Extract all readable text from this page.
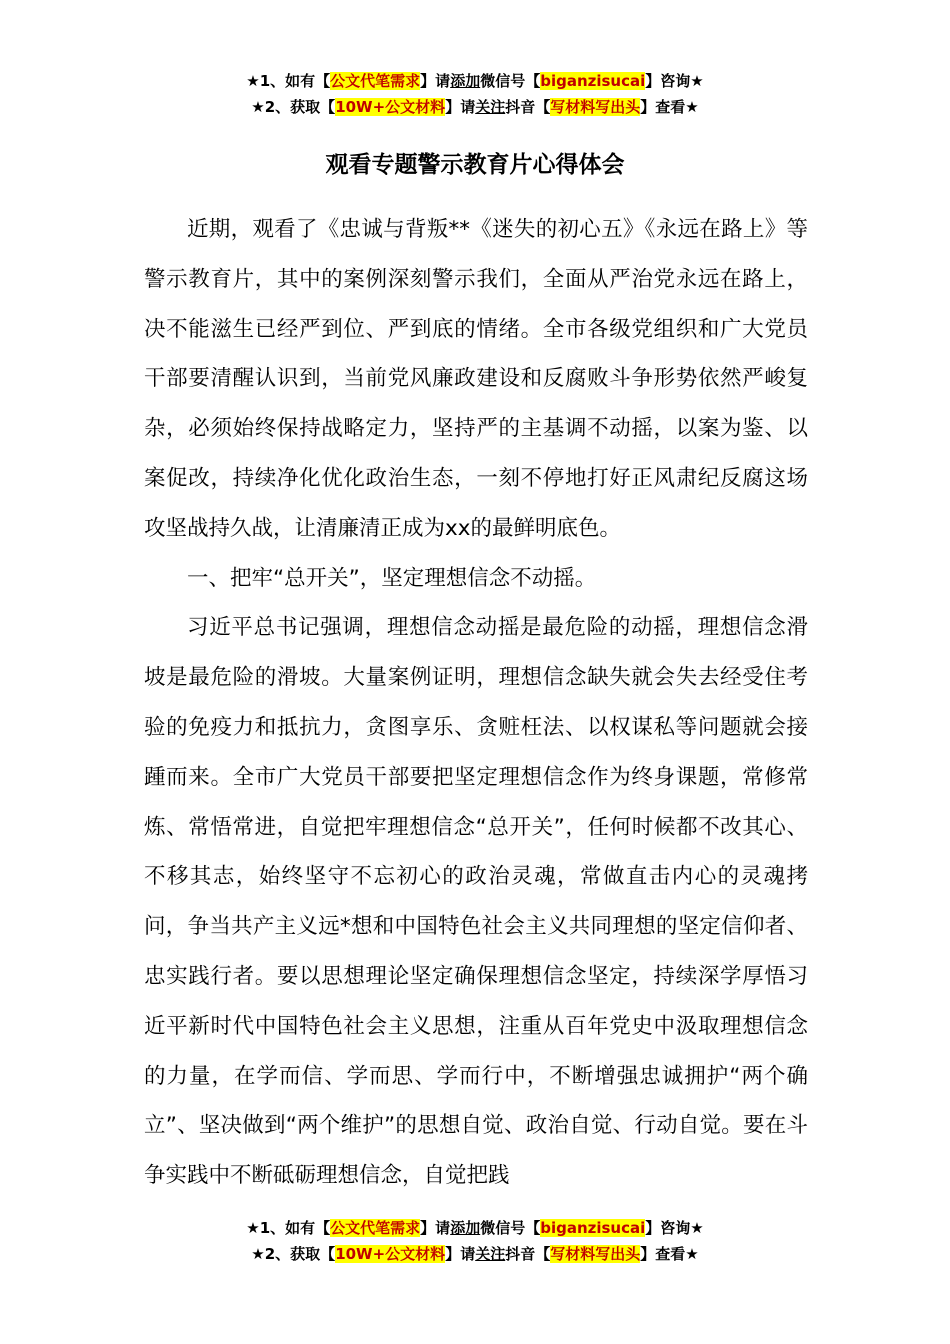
★1、如有【公文代笔需求】请添加微信号【biganzisucai】咨询★
★2、获取【10W+公文材料】请关注抖音【写材料写出头】查看★
观看专题警示教育片心得体会

近期，观看了《忠诚与背叛**《迷失的初心五》《永远在路上》等警示教育片，其中的案例深刻警示我们，全面从严治党永远在路上，决不能滋生已经严到位、严到底的情绪。全市各级党组织和广大党员干部要清醒认识到，当前党风廉政建设和反腐败斗争形势依然严峻复杂，必须始终保持战略定力，坚持严的主基调不动摇，以案为鉴、以案促改，持续净化优化政治生态，一刻不停地打好正风肃纪反腐这场攻坚战持久战，让清廉清正成为xx的最鲜明底色。

一、把牢“总开关”，坚定理想信念不动摇。

习近平总书记强调，理想信念动摇是最危险的动摇，理想信念滑坡是最危险的滑坡。大量案例证明，理想信念缺失就会失去经受住考验的免疫力和抵抗力，贪图享乐、贪赃枉法、以权谋私等问题就会接踵而来。全市广大党员干部要把坚定理想信念作为终身课题，常修常炼、常悟常进，自觉把牢理想信念“总开关”，任何时候都不改其心、不移其志，始终坚守不忘初心的政治灵魂，常做直击内心的灵魂拷问，争当共产主义远*想和中国特色社会主义共同理想的坚定信仰者、忠实践行者。要以思想理论坚定确保理想信念坚定，持续深学厚悟习近平新时代中国特色社会主义思想，注重从百年党史中汲取理想信念的力量，在学而信、学而思、学而行中，不断增强忠诚拥护“两个确立”、坚决做到“两个维护”的思想自觉、政治自觉、行动自觉。要在斗争实践中不断砥砺理想信念，自觉把践

★1、如有【公文代笔需求】请添加微信号【biganzisucai】咨询★
★2、获取【10W+公文材料】请关注抖音【写材料写出头】查看★
